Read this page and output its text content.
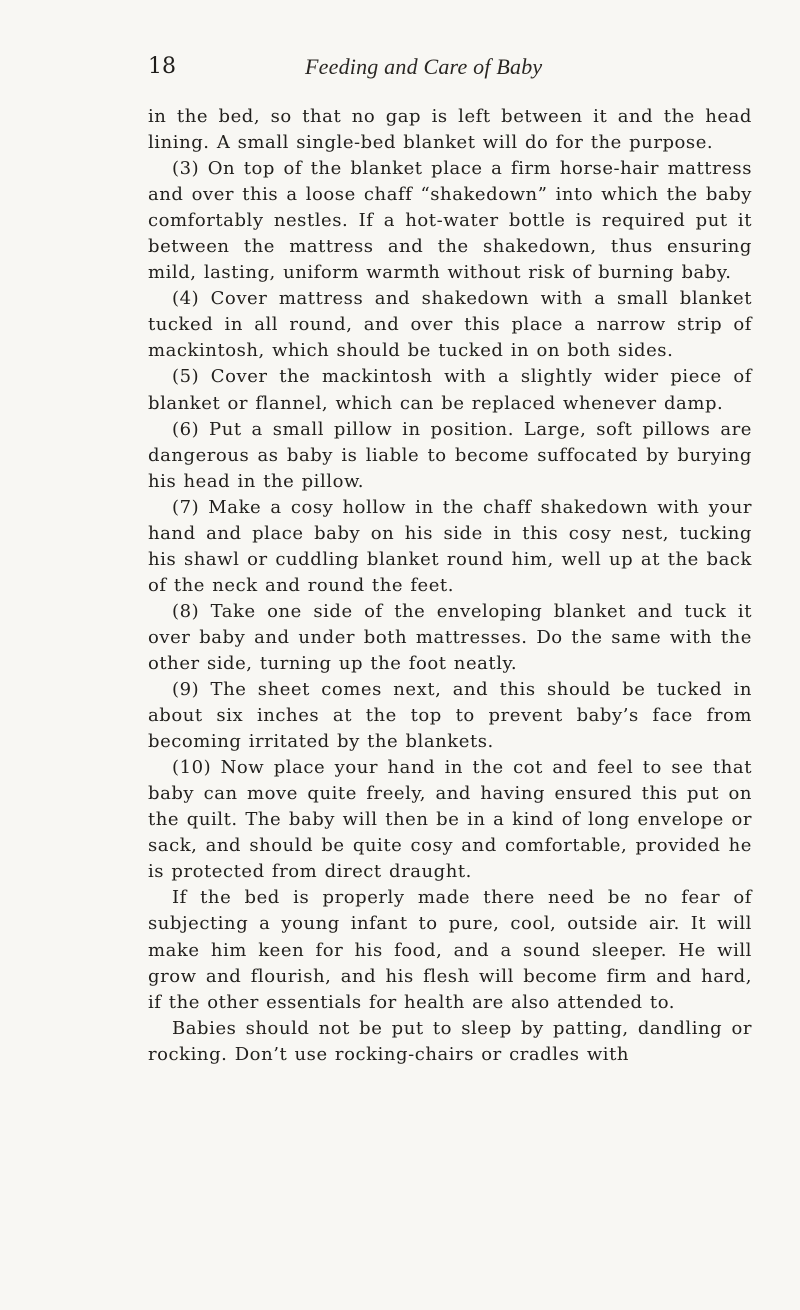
18	Feeding and Care of Baby

in the bed, so that no gap is left between it and the head lining. A small single-bed blanket will do for the purpose.

(3) On top of the blanket place a firm horse-hair mattress and over this a loose chaff “shakedown” into which the baby comfortably nestles. If a hot-water bottle is required put it between the mattress and the shakedown, thus ensuring mild, lasting, uniform warmth without risk of burning baby.

(4) Cover mattress and shakedown with a small blanket tucked in all round, and over this place a narrow strip of mackintosh, which should be tucked in on both sides.

(5) Cover the mackintosh with a slightly wider piece of blanket or flannel, which can be replaced whenever damp.

(6) Put a small pillow in position. Large, soft pillows are dangerous as baby is liable to become suffocated by burying his head in the pillow.

(7) Make a cosy hollow in the chaff shakedown with your hand and place baby on his side in this cosy nest, tucking his shawl or cuddling blanket round him, well up at the back of the neck and round the feet.

(8) Take one side of the enveloping blanket and tuck it over baby and under both mattresses. Do the same with the other side, turning up the foot neatly.

(9) The sheet comes next, and this should be tucked in about six inches at the top to prevent baby’s face from becoming irritated by the blankets.

(10) Now place your hand in the cot and feel to see that baby can move quite freely, and having ensured this put on the quilt. The baby will then be in a kind of long envelope or sack, and should be quite cosy and comfortable, provided he is protected from direct draught.

If the bed is properly made there need be no fear of subjecting a young infant to pure, cool, outside air. It will make him keen for his food, and a sound sleeper. He will grow and flourish, and his flesh will become firm and hard, if the other essentials for health are also attended to.

Babies should not be put to sleep by patting, dandling or rocking. Don’t use rocking-chairs or cradles with
